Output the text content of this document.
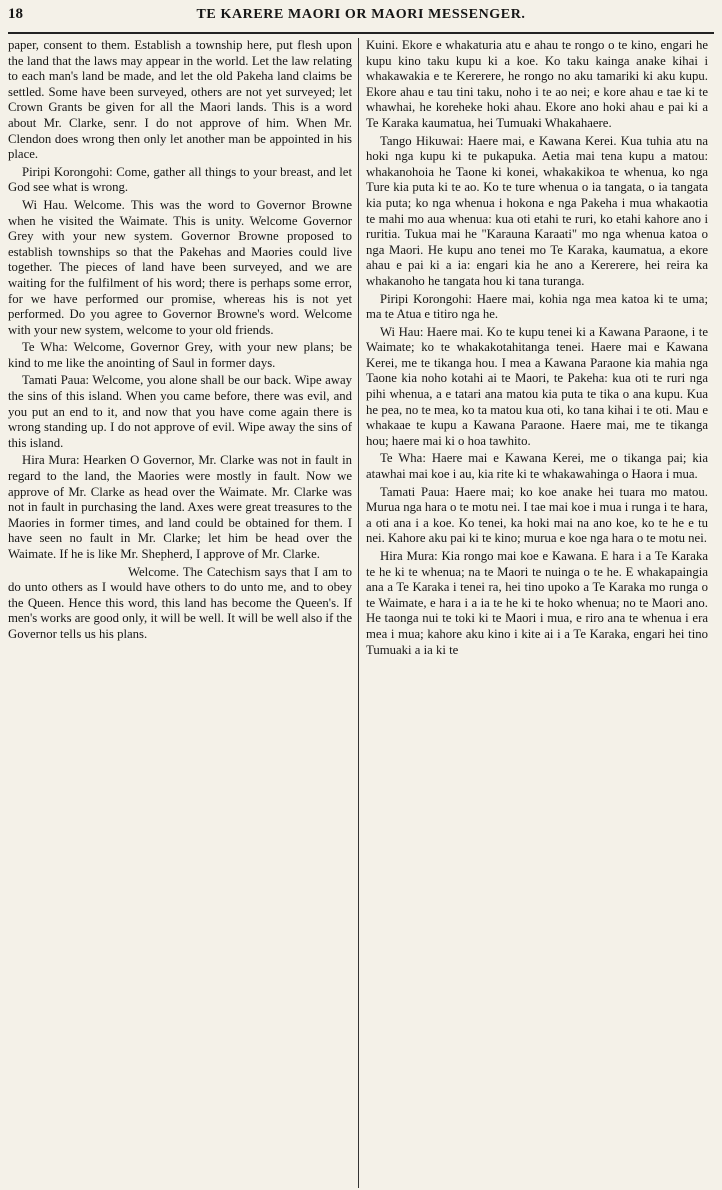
18	TE KARERE MAORI OR MAORI MESSENGER.

paper, consent to them. Establish a township here, put flesh upon the land that the laws may appear in the world. Let the law relating to each man's land be made, and let the old Pakeha land claims be settled. Some have been surveyed, others are not yet surveyed; let Crown Grants be given for all the Maori lands. This is a word about Mr. Clarke, senr. I do not approve of him. When Mr. Clendon does wrong then only let another man be appointed in his place.

Piripi Korongohi: Come, gather all things to your breast, and let God see what is wrong.

Wi Hau. Welcome. This was the word to Governor Browne when he visited the Waimate. This is unity. Welcome Governor Grey with your new system. Governor Browne proposed to establish townships so that the Pakehas and Maories could live together. The pieces of land have been surveyed, and we are waiting for the fulfilment of his word; there is perhaps some error, for we have performed our promise, whereas his is not yet performed. Do you agree to Governor Browne's word. Welcome with your new system, welcome to your old friends.

Te Wha: Welcome, Governor Grey, with your new plans; be kind to me like the anointing of Saul in former days.

Tamati Paua: Welcome, you alone shall be our back. Wipe away the sins of this island. When you came before, there was evil, and you put an end to it, and now that you have come again there is wrong standing up. I do not approve of evil. Wipe away the sins of this island.

Hira Mura: Hearken O Governor, Mr. Clarke was not in fault in regard to the land, the Maories were mostly in fault. Now we approve of Mr. Clarke as head over the Waimate. Mr. Clarke was not in fault in purchasing the land. Axes were great treasures to the Maories in former times, and land could be obtained for them. I have seen no fault in Mr. Clarke; let him be head over the Waimate. If he is like Mr. Shepherd, I approve of Mr. Clarke.

Welcome. The Catechism says that I am to do unto others as I would have others to do unto me, and to obey the Queen. Hence this word, this land has become the Queen's. If men's works are good only, it will be well. It will be well also if the Governor tells us his plans.

Kuini. Ekore e whakaturia atu e ahau te rongo o te kino, engari he kupu kino taku kupu ki a koe. Ko taku kainga anake kihai i whakawakia e te Kererere, he rongo no aku tamariki ki aku kupu. Ekore ahau e tau tini taku, noho i te ao nei; e kore ahau e tae ki te whawhai, he koreheke hoki ahau. Ekore ano hoki ahau e pai ki a Te Karaka kaumatua, hei Tumuaki Whakahaere.

Tango Hikuwai: Haere mai, e Kawana Kerei. Kua tuhia atu na hoki nga kupu ki te pukapuka. Aetia mai tena kupu a matou: whakanohoia he Taone ki konei, whakakikoa te whenua, ko nga Ture kia puta ki te ao. Ko te ture whenua o ia tangata, o ia tangata kia puta; ko nga whenua i hokona e nga Pakeha i mua whakaotia te mahi mo aua whenua: kua oti etahi te ruri, ko etahi kahore ano i ruritia. Tukua mai he "Karauna Karaati" mo nga whenua katoa o nga Maori. He kupu ano tenei mo Te Karaka, kaumatua, a ekore ahau e pai ki a ia: engari kia he ano a Kererere, hei reira ka whakanoho he tangata hou ki tana turanga.

Piripi Korongohi: Haere mai, kohia nga mea katoa ki te uma; ma te Atua e titiro nga he.

Wi Hau: Haere mai. Ko te kupu tenei ki a Kawana Paraone, i te Waimate; ko te whakakotahitanga tenei. Haere mai e Kawana Kerei, me te tikanga hou. I mea a Kawana Paraone kia mahia nga Taone kia noho kotahi ai te Maori, te Pakeha: kua oti te ruri nga pihi whenua, a e tatari ana matou kia puta te tika o ana kupu. Kua he pea, no te mea, ko ta matou kua oti, ko tana kihai i te oti. Mau e whakaae te kupu a Kawana Paraone. Haere mai, me te tikanga hou; haere mai ki o hoa tawhito.

Te Wha: Haere mai e Kawana Kerei, me o tikanga pai; kia atawhai mai koe i au, kia rite ki te whakawahinga o Haora i mua.

Tamati Paua: Haere mai; ko koe anake hei tuara mo matou. Murua nga hara o te motu nei. I tae mai koe i mua i runga i te hara, a oti ana i a koe. Ko tenei, ka hoki mai na ano koe, ko te he e tu nei. Kahore aku pai ki te kino; murua e koe nga hara o te motu nei.

Hira Mura: Kia rongo mai koe e Kawana. E hara i a Te Karaka te he ki te whenua; na te Maori te nuinga o te he. E whakapaingia ana a Te Karaka i tenei ra, hei tino upoko a Te Karaka mo runga o te Waimate, e hara i a ia te he ki te hoko whenua; no te Maori ano. He taonga nui te toki ki te Maori i mua, e riro ana te whenua i era mea i mua; kahore aku kino i kite ai i a Te Karaka, engari hei tino Tumuaki a ia ki te
